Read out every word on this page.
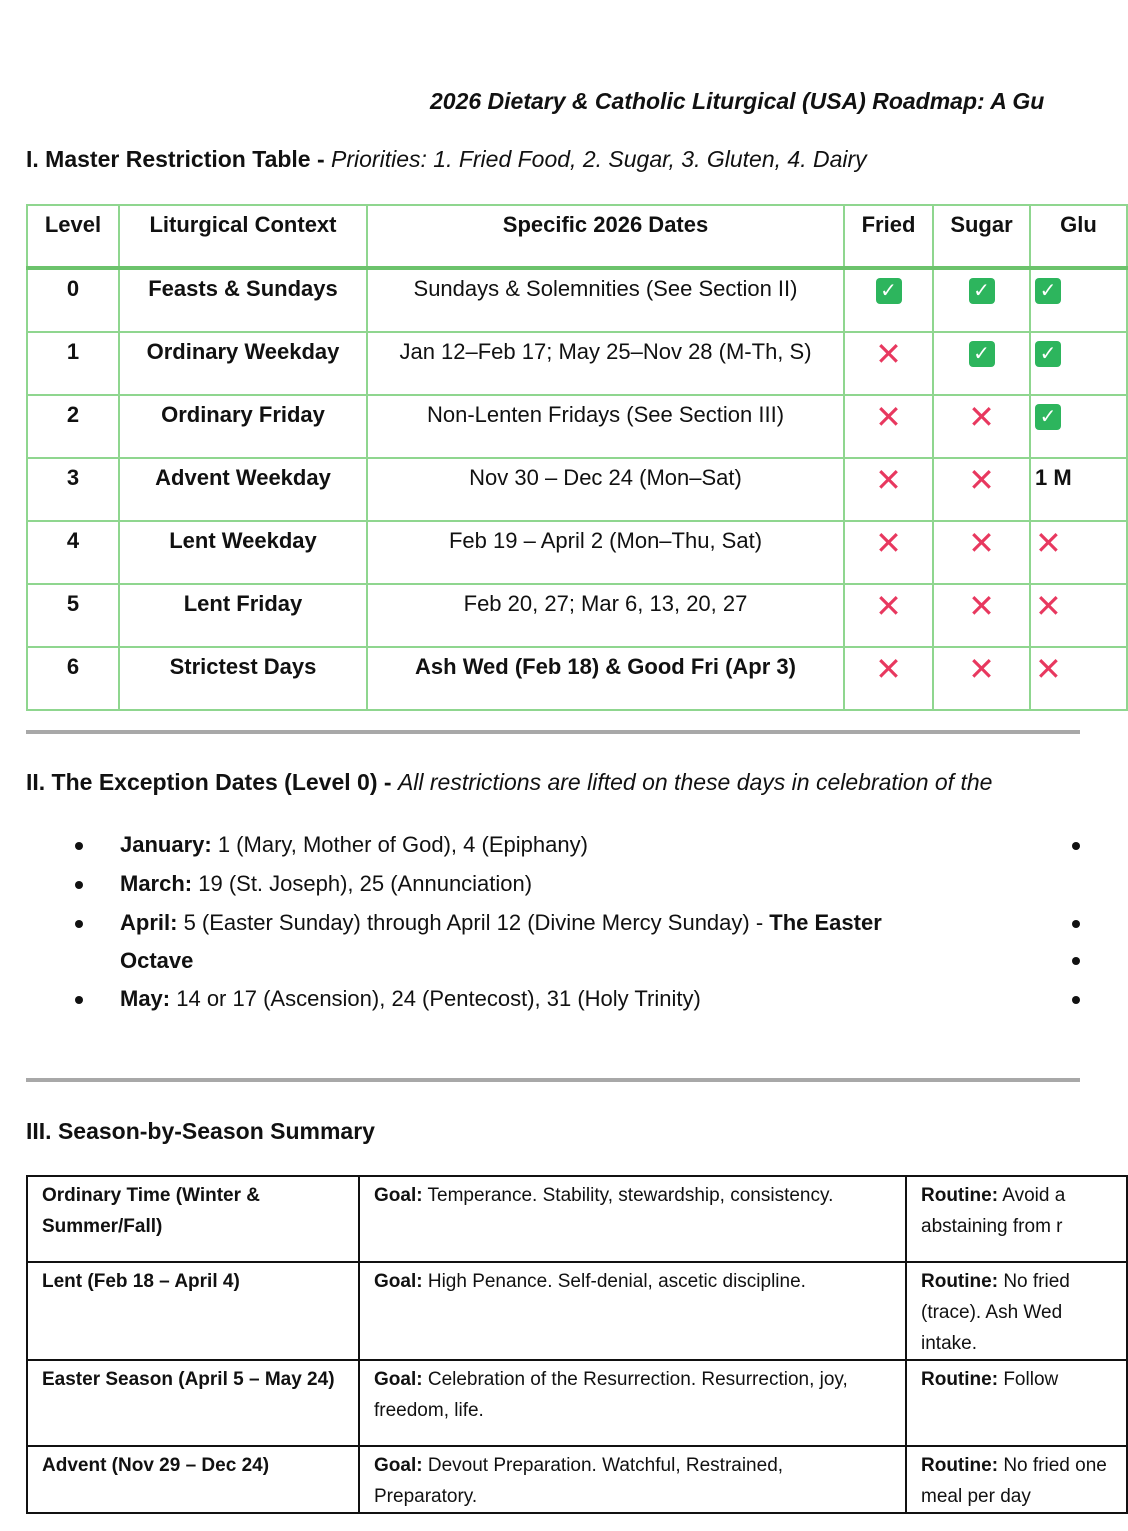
2026 Dietary & Catholic Liturgical (USA) Roadmap: A Gu
I. Master Restriction Table - Priorities: 1. Fried Food, 2. Sugar, 3. Gluten, 4. Dairy
Level	Liturgical Context	Specific 2026 Dates	Fried	Sugar	Glu
0	Feasts & Sundays	Sundays & Solemnities (See Section II)	✓	✓	✓
1	Ordinary Weekday	Jan 12–Feb 17; May 25–Nov 28 (M-Th, S)	✕	✓	✓
2	Ordinary Friday	Non-Lenten Fridays (See Section III)	✕	✕	✓
3	Advent Weekday	Nov 30 – Dec 24 (Mon–Sat)	✕	✕	1 M
4	Lent Weekday	Feb 19 – April 2 (Mon–Thu, Sat)	✕	✕	✕
5	Lent Friday	Feb 20, 27; Mar 6, 13, 20, 27	✕	✕	✕
6	Strictest Days	Ash Wed (Feb 18) & Good Fri (Apr 3)	✕	✕	✕
II. The Exception Dates (Level 0) - All restrictions are lifted on these days in celebration of the
January: 1 (Mary, Mother of God), 4 (Epiphany)
March: 19 (St. Joseph), 25 (Annunciation)
April: 5 (Easter Sunday) through April 12 (Divine Mercy Sunday) - The Easter Octave
May: 14 or 17 (Ascension), 24 (Pentecost), 31 (Holy Trinity)
III. Season-by-Season Summary
Ordinary Time (Winter & Summer/Fall)	Goal: Temperance. Stability, stewardship, consistency.	Routine: Avoid a abstaining from r
Lent (Feb 18 – April 4)	Goal: High Penance. Self-denial, ascetic discipline.	Routine: No fried (trace). Ash Wed intake.
Easter Season (April 5 – May 24)	Goal: Celebration of the Resurrection. Resurrection, joy, freedom, life.	Routine: Follow
Advent (Nov 29 – Dec 24)	Goal: Devout Preparation. Watchful, Restrained, Preparatory.	Routine: No fried one meal per day
